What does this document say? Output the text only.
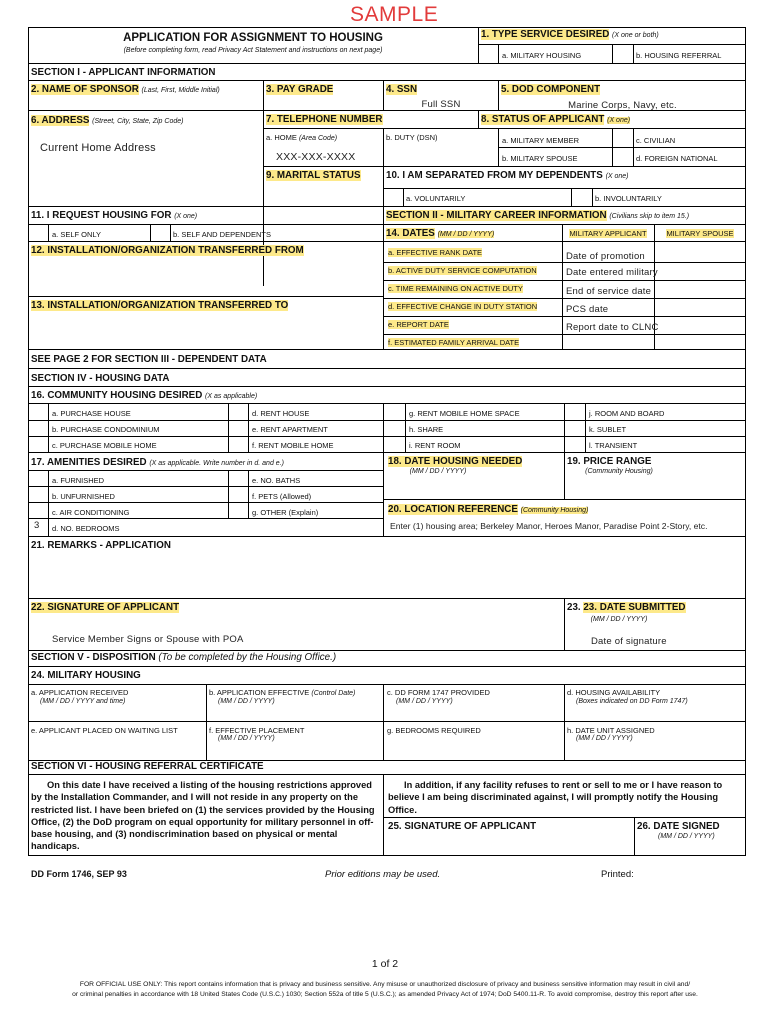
SAMPLE
APPLICATION FOR ASSIGNMENT TO HOUSING
(Before completing form, read Privacy Act Statement and instructions on next page)
1. TYPE SERVICE DESIRED (X one or both)
a. MILITARY HOUSING	b. HOUSING REFERRAL
SECTION I - APPLICANT INFORMATION
2. NAME OF SPONSOR (Last, First, Middle Initial)	3. PAY GRADE	4. SSN
Full SSN
5. DOD COMPONENT
Marine Corps, Navy, etc.
6. ADDRESS (Street, City, State, Zip Code)
Current Home Address
7. TELEPHONE NUMBER	8. STATUS OF APPLICANT (X one)
a. HOME (Area Code)
XXX-XXX-XXXX
b. DUTY (DSN)	a. MILITARY MEMBER	c. CIVILIAN
b. MILITARY SPOUSE	d. FOREIGN NATIONAL
9. MARITAL STATUS	10. I AM SEPARATED FROM MY DEPENDENTS (X one)
a. VOLUNTARILY	b. INVOLUNTARILY
11. I REQUEST HOUSING FOR (X one)	SECTION II - MILITARY CAREER INFORMATION (Civilians skip to item 15.)
a. SELF ONLY	b. SELF AND DEPENDENTS	14. DATES (MM / DD / YYYY)	MILITARY APPLICANT	MILITARY SPOUSE
12. INSTALLATION/ORGANIZATION TRANSFERRED FROM
13. INSTALLATION/ORGANIZATION TRANSFERRED TO
a. EFFECTIVE RANK DATE	Date of promotion
b. ACTIVE DUTY SERVICE COMPUTATION	Date entered military
c. TIME REMAINING ON ACTIVE DUTY	End of service date
d. EFFECTIVE CHANGE IN DUTY STATION	PCS date
e. REPORT DATE	Report date to CLNC
f. ESTIMATED FAMILY ARRIVAL DATE
SEE PAGE 2 FOR SECTION III - DEPENDENT DATA
SECTION IV - HOUSING DATA
16. COMMUNITY HOUSING DESIRED (X as applicable)
a. PURCHASE HOUSE	d. RENT HOUSE	g. RENT MOBILE HOME SPACE	j. ROOM AND BOARD
b. PURCHASE CONDOMINIUM	e. RENT APARTMENT	h. SHARE	k. SUBLET
c. PURCHASE MOBILE HOME	f. RENT MOBILE HOME	i. RENT ROOM	l. TRANSIENT
17. AMENITIES DESIRED (X as applicable. Write number in d. and e.)	18. DATE HOUSING NEEDED
(MM / DD / YYYY)
19. PRICE RANGE
(Community Housing)
a. FURNISHED	e. NO. BATHS
b. UNFURNISHED	f. PETS (Allowed)
c. AIR CONDITIONING	g. OTHER (Explain)
3 d. NO. BEDROOMS
20. LOCATION REFERENCE (Community Housing)
Enter (1) housing area; Berkeley Manor, Heroes Manor, Paradise Point 2-Story, etc.
21. REMARKS - APPLICATION
22. SIGNATURE OF APPLICANT
Service Member Signs or Spouse with POA
23. 23. DATE SUBMITTED
(MM / DD / YYYY)
Date of signature
SECTION V - DISPOSITION (To be completed by the Housing Office.)
24. MILITARY HOUSING
a. APPLICATION RECEIVED
(MM / DD / YYYY and time)
b. APPLICATION EFFECTIVE (Control Date)
(MM / DD / YYYY)
c. DD FORM 1747 PROVIDED
(MM / DD / YYYY)
d. HOUSING AVAILABILITY
(Boxes indicated on DD Form 1747)
e. APPLICANT PLACED ON WAITING LIST	f. EFFECTIVE PLACEMENT
(MM / DD / YYYY)
g. BEDROOMS REQUIRED	h. DATE UNIT ASSIGNED
(MM / DD / YYYY)
SECTION VI - HOUSING REFERRAL CERTIFICATE
On this date I have received a listing of the housing restrictions approved by the Installation Commander, and I will not reside in any property on the restricted list. I have been briefed on (1) the services provided by the Housing Office, (2) the DoD program on equal opportunity for military personnel in off-base housing, and (3) nondiscrimination based on physical or mental handicaps.
In addition, if any facility refuses to rent or sell to me or I have reason to believe I am being discriminated against, I will promptly notify the Housing Office.
25. SIGNATURE OF APPLICANT	26. DATE SIGNED
(MM / DD / YYYY)
DD Form 1746, SEP 93	Prior editions may be used.	Printed:
1 of 2
FOR OFFICIAL USE ONLY: This report contains information that is privacy and business sensitive. Any misuse or unauthorized disclosure of privacy and business sensitive information may result in civil and/
or criminal penalties in accordance with 18 United States Code (U.S.C.) 1030; Section 552a of title 5 (U.S.C.); as amended Privacy Act of 1974; DoD 5400.11-R. To avoid compromise, destroy this report after use.
